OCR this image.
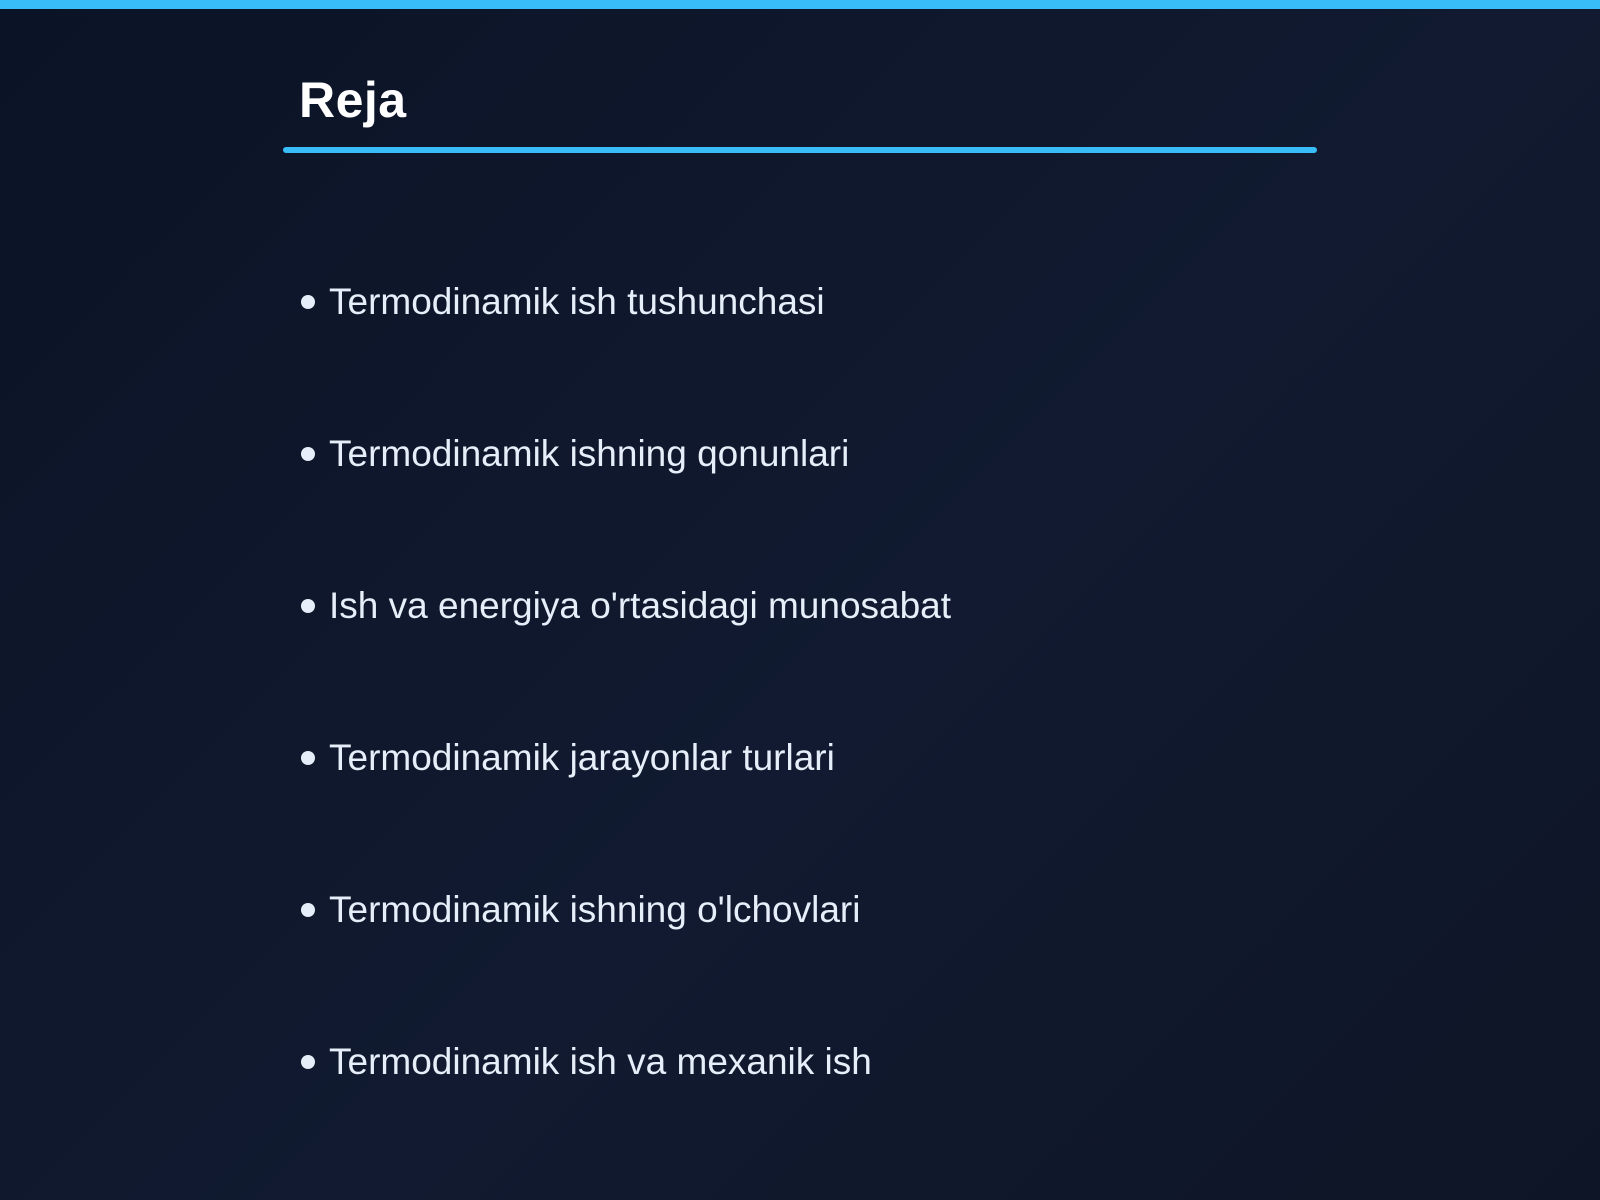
Reja
Termodinamik ish tushunchasi
Termodinamik ishning qonunlari
Ish va energiya o'rtasidagi munosabat
Termodinamik jarayonlar turlari
Termodinamik ishning o'lchovlari
Termodinamik ish va mexanik ish
